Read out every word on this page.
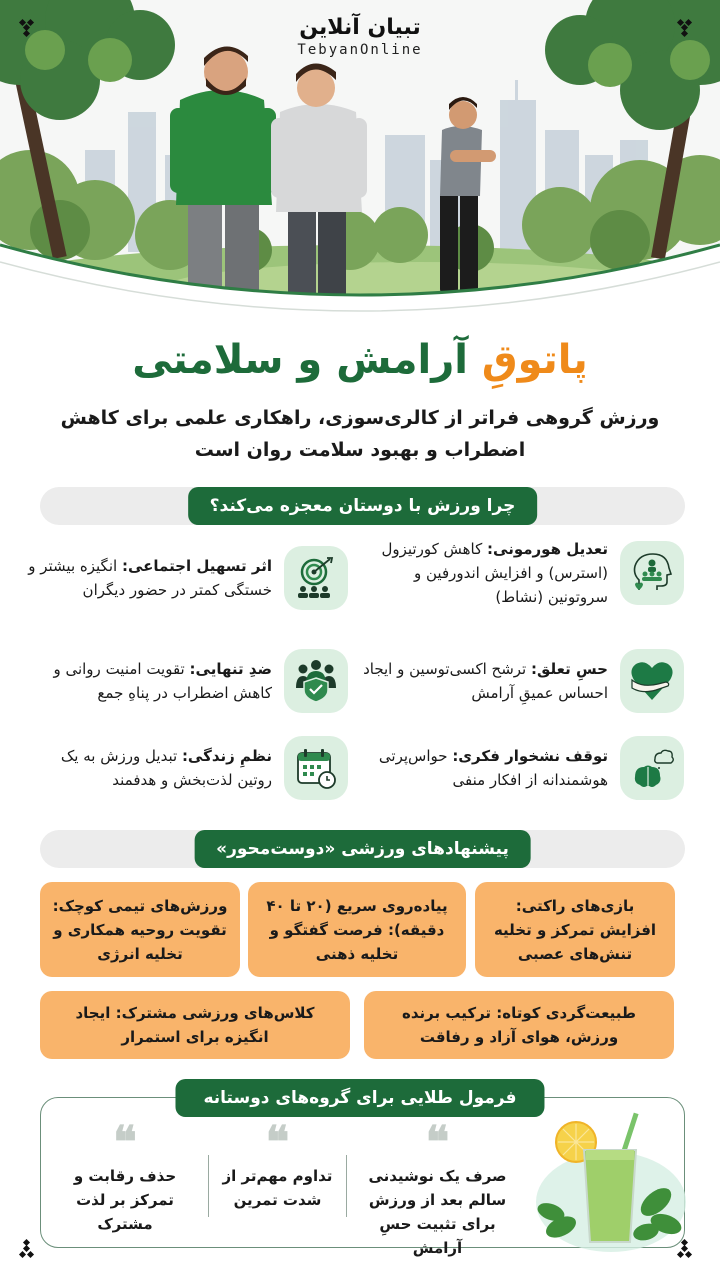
تبیان آنلاین
TebyanOnline
پاتوقِ آرامش و سلامتی
ورزش گروهی فراتر از کالری‌سوزی، راهکاری علمی برای کاهش اضطراب و بهبود سلامت روان است
چرا ورزش با دوستان معجزه می‌کند؟
تعدیل هورمونی: کاهش کورتیزول (استرس) و افزایش اندورفین و سروتونین (نشاط)
حسِ تعلق: ترشح اکسی‌توسین و ایجاد احساس عمیقِ آرامش
توقف نشخوار فکری: حواس‌پرتی هوشمندانه از افکار منفی
اثر تسهیل اجتماعی: انگیزه بیشتر و خستگی کمتر در حضور دیگران
ضدِ تنهایی: تقویت امنیت روانی و کاهش اضطراب در پناهِ جمع
نظمِ زندگی: تبدیل ورزش به یک روتین لذت‌بخش و هدفمند
پیشنهادهای ورزشی «دوست‌محور»
بازی‌های راکتی: افزایش تمرکز و تخلیه تنش‌های عصبی
پیاده‌روی سریع (۲۰ تا ۴۰ دقیقه): فرصت گفتگو و تخلیه ذهنی
ورزش‌های تیمی کوچک: تقویت روحیه همکاری و تخلیه انرژی
طبیعت‌گردی کوتاه: ترکیب برنده ورزش، هوای آزاد و رفاقت
کلاس‌های ورزشی مشترک: ایجاد انگیزه برای استمرار
فرمول طلایی برای گروه‌های دوستانه
❝
صرف یک نوشیدنی سالم بعد از ورزش برای تثبیت حسِ آرامش
❝
تداوم مهم‌تر از شدت تمرین
❝
حذف رقابت و تمرکز بر لذت مشترک
